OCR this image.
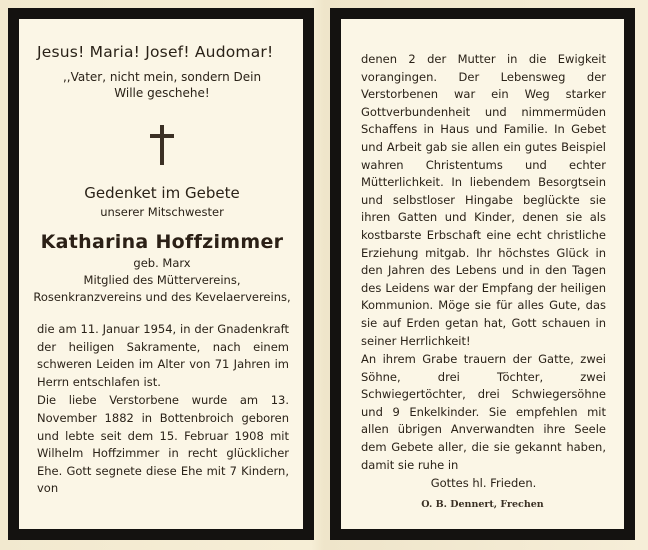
Jesus! Maria! Josef! Audomar!

,,Vater, nicht mein, sondern Dein Wille geschehe!

Gedenket im Gebete

unserer Mitschwester

Katharina Hoffzimmer

geb. Marx

Mitglied des Müttervereins, Rosenkranzvereins und des Kevelaervereins,

die am 11. Januar 1954, in der Gnadenkraft der heiligen Sakramente, nach einem schweren Leiden im Alter von 71 Jahren im Herrn entschlafen ist.

Die liebe Verstorbene wurde am 13. November 1882 in Bottenbroich geboren und lebte seit dem 15. Februar 1908 mit Wilhelm Hoffzimmer in recht glücklicher Ehe. Gott segnete diese Ehe mit 7 Kindern, von

denen 2 der Mutter in die Ewigkeit vorangingen. Der Lebensweg der Verstorbenen war ein Weg starker Gottverbundenheit und nimmermüden Schaffens in Haus und Familie. In Gebet und Arbeit gab sie allen ein gutes Beispiel wahren Christentums und echter Mütterlichkeit. In liebendem Besorgtsein und selbstloser Hingabe beglückte sie ihren Gatten und Kinder, denen sie als kostbarste Erbschaft eine echt christliche Erziehung mitgab. Ihr höchstes Glück in den Jahren des Lebens und in den Tagen des Leidens war der Empfang der heiligen Kommunion. Möge sie für alles Gute, das sie auf Erden getan hat, Gott schauen in seiner Herrlichkeit!

An ihrem Grabe trauern der Gatte, zwei Söhne, drei Töchter, zwei Schwiegertöchter, drei Schwiegersöhne und 9 Enkelkinder. Sie empfehlen mit allen übrigen Anverwandten ihre Seele dem Gebete aller, die sie gekannt haben, damit sie ruhe in

Gottes hl. Frieden.

O. B. Dennert, Frechen
